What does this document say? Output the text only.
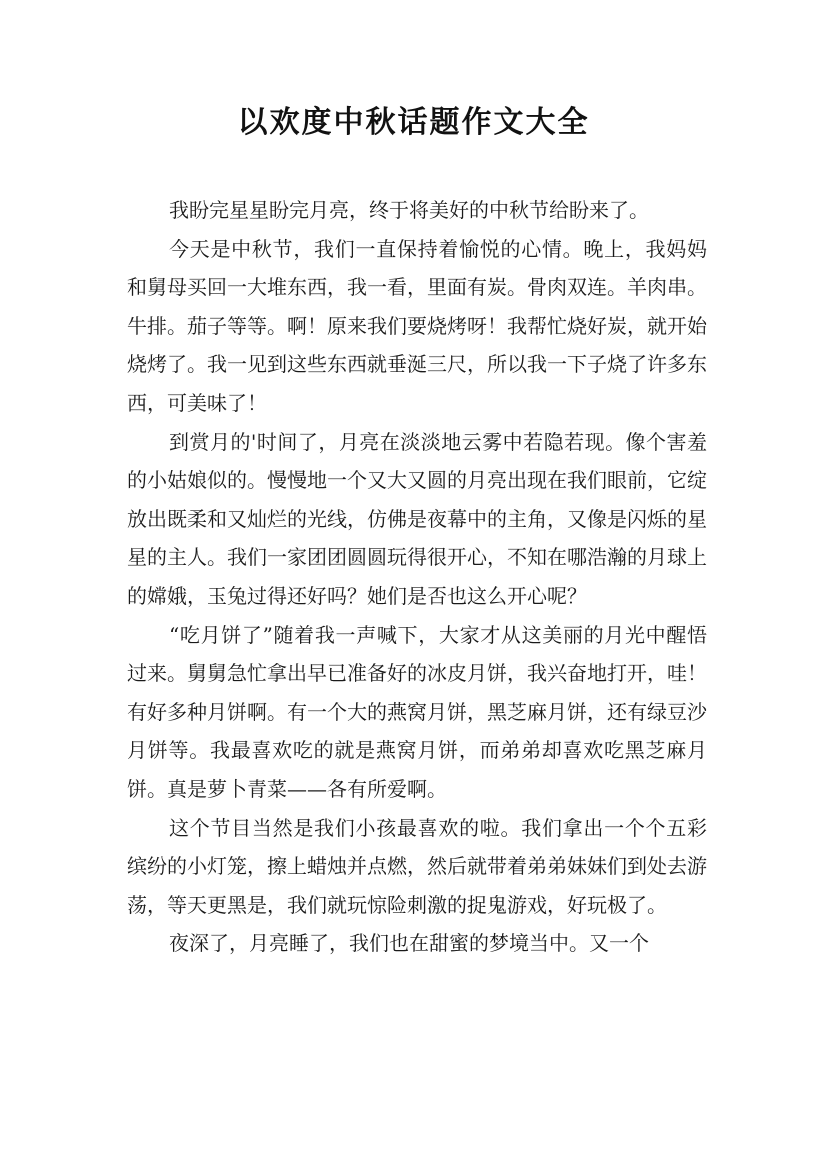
以欢度中秋话题作文大全

我盼完星星盼完月亮，终于将美好的中秋节给盼来了。

今天是中秋节，我们一直保持着愉悦的心情。晚上，我妈妈和舅母买回一大堆东西，我一看，里面有炭。骨肉双连。羊肉串。牛排。茄子等等。啊！原来我们要烧烤呀！我帮忙烧好炭，就开始烧烤了。我一见到这些东西就垂涎三尺，所以我一下子烧了许多东西，可美味了！

到赏月的'时间了，月亮在淡淡地云雾中若隐若现。像个害羞的小姑娘似的。慢慢地一个又大又圆的月亮出现在我们眼前，它绽放出既柔和又灿烂的光线，仿佛是夜幕中的主角，又像是闪烁的星星的主人。我们一家团团圆圆玩得很开心，不知在哪浩瀚的月球上的嫦娥，玉兔过得还好吗？她们是否也这么开心呢？

“吃月饼了”随着我一声喊下，大家才从这美丽的月光中醒悟过来。舅舅急忙拿出早已准备好的冰皮月饼，我兴奋地打开，哇！有好多种月饼啊。有一个大的燕窝月饼，黑芝麻月饼，还有绿豆沙月饼等。我最喜欢吃的就是燕窝月饼，而弟弟却喜欢吃黑芝麻月饼。真是萝卜青菜——各有所爱啊。

这个节目当然是我们小孩最喜欢的啦。我们拿出一个个五彩缤纷的小灯笼，擦上蜡烛并点燃，然后就带着弟弟妹妹们到处去游荡，等天更黑是，我们就玩惊险刺激的捉鬼游戏，好玩极了。

夜深了，月亮睡了，我们也在甜蜜的梦境当中。又一个
